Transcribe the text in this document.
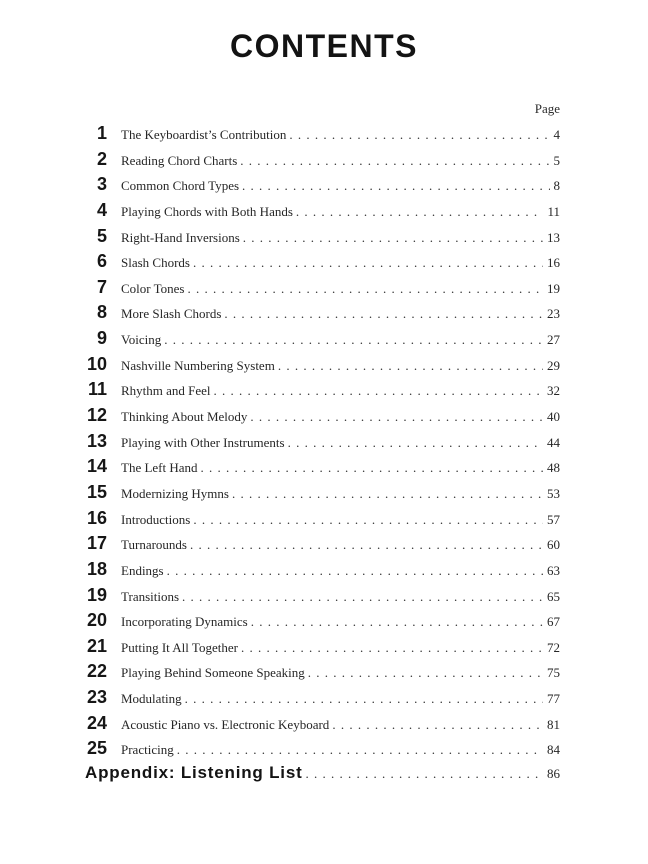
CONTENTS
Page
1 The Keyboardist’s Contribution . . .	4
2 Reading Chord Charts . . .	5
3 Common Chord Types . . .	8
4 Playing Chords with Both Hands . . .	11
5 Right-Hand Inversions . . .	13
6 Slash Chords . . .	16
7 Color Tones . . .	19
8 More Slash Chords . . .	23
9 Voicing . . .	27
10 Nashville Numbering System . . .	29
11 Rhythm and Feel . . .	32
12 Thinking About Melody . . .	40
13 Playing with Other Instruments . . .	44
14 The Left Hand . . .	48
15 Modernizing Hymns . . .	53
16 Introductions . . .	57
17 Turnarounds . . .	60
18 Endings . . .	63
19 Transitions . . .	65
20 Incorporating Dynamics . . .	67
21 Putting It All Together . . .	72
22 Playing Behind Someone Speaking . . .	75
23 Modulating . . .	77
24 Acoustic Piano vs. Electronic Keyboard . . .	81
25 Practicing . . .	84
Appendix: Listening List . . .	86
